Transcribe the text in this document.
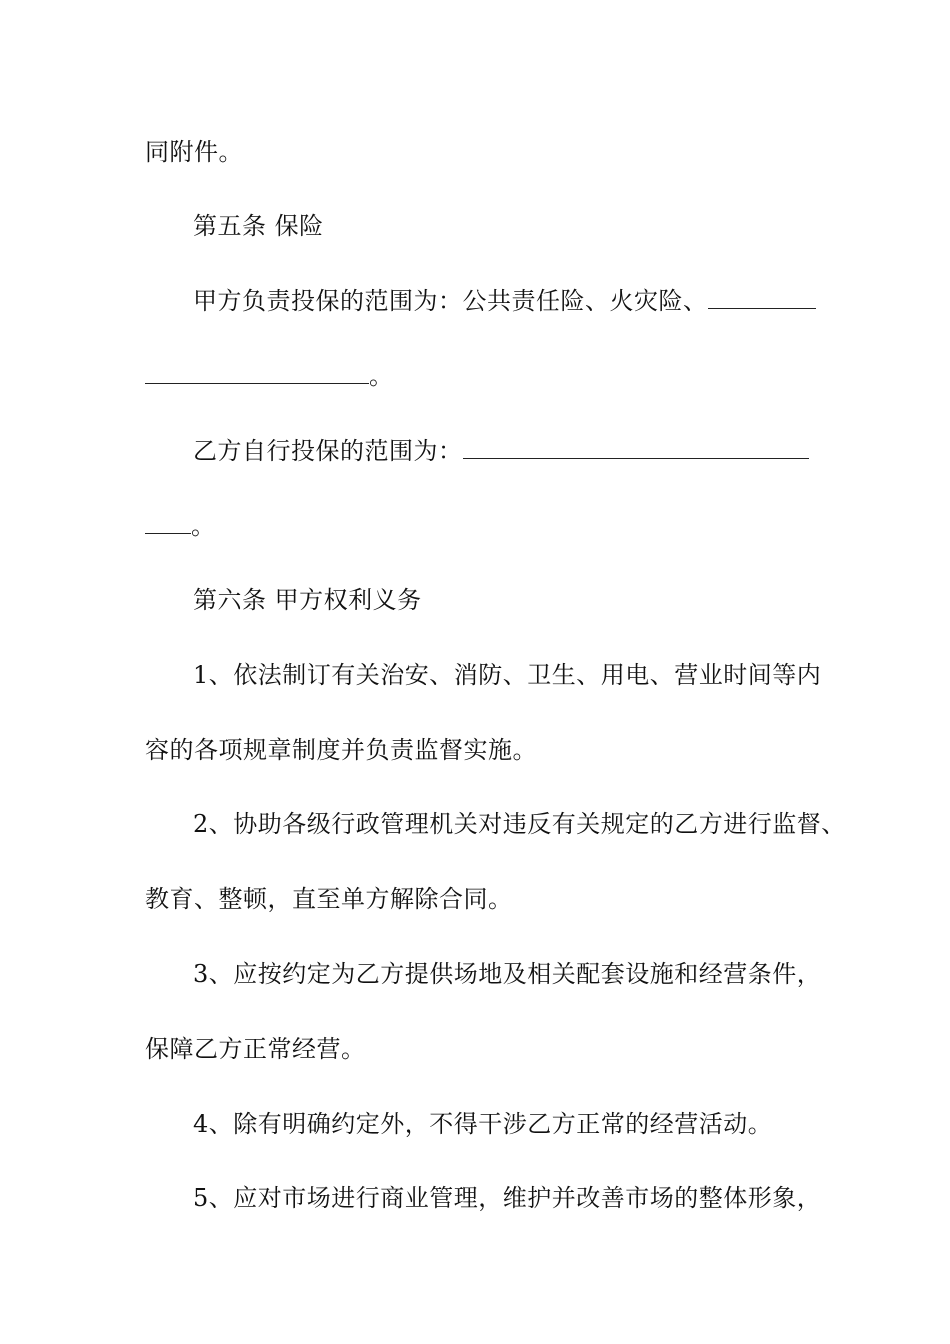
同附件。
第五条 保险
甲方负责投保的范围为：公共责任险、火灾险、
。
乙方自行投保的范围为：
。
第六条 甲方权利义务
1、依法制订有关治安、消防、卫生、用电、营业时间等内
容的各项规章制度并负责监督实施。
2、协助各级行政管理机关对违反有关规定的乙方进行监督、
教育、整顿，直至单方解除合同。
3、应按约定为乙方提供场地及相关配套设施和经营条件，
保障乙方正常经营。
4、除有明确约定外，不得干涉乙方正常的经营活动。
5、应对市场进行商业管理，维护并改善市场的整体形象，
